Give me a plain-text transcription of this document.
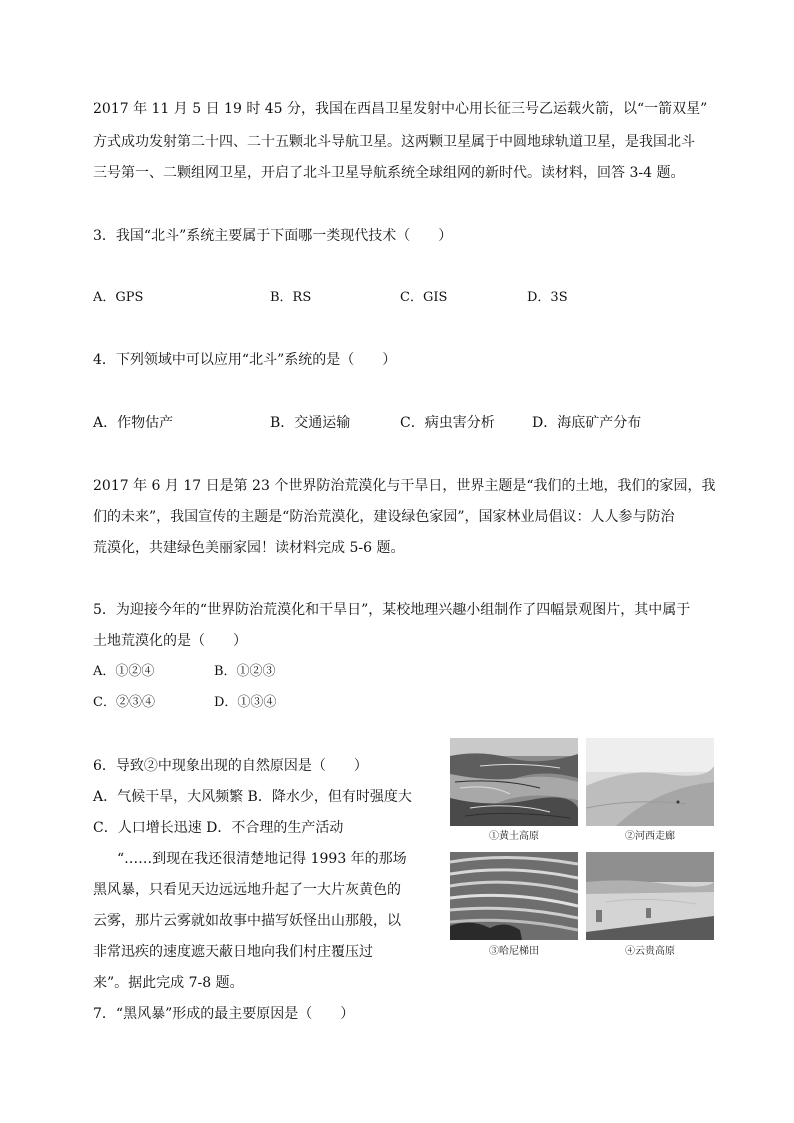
2017 年 11 月 5 日 19 时 45 分，我国在西昌卫星发射中心用长征三号乙运载火箭，以“一箭双星”
方式成功发射第二十四、二十五颗北斗导航卫星。这两颗卫星属于中圆地球轨道卫星，是我国北斗
三号第一、二颗组网卫星，开启了北斗卫星导航系统全球组网的新时代。读材料，回答 3-4 题。
3．我国“北斗”系统主要属于下面哪一类现代技术（　　）
A．GPS	B．RS	C．GIS	D．3S
4．下列领域中可以应用“北斗”系统的是（　　）
A．作物估产	B．交通运输	C．病虫害分析	D．海底矿产分布
2017 年 6 月 17 日是第 23 个世界防治荒漠化与干旱日，世界主题是“我们的土地，我们的家园，我
们的未来”，我国宣传的主题是“防治荒漠化，建设绿色家园”，国家林业局倡议：人人参与防治
荒漠化，共建绿色美丽家园！读材料完成 5-6 题。
5．为迎接今年的“世界防治荒漠化和干旱日”，某校地理兴趣小组制作了四幅景观图片，其中属于
土地荒漠化的是（　　）
A．①②④	B．①②③
C．②③④	D．①③④
6．导致②中现象出现的自然原因是（　　）
A．气候干旱，大风频繁 B．降水少，但有时强度大
C．人口增长迅速 D．不合理的生产活动
“……到现在我还很清楚地记得 1993 年的那场
黑风暴，只看见天边远远地升起了一大片灰黄色的
云雾，那片云雾就如故事中描写妖怪出山那般，以
非常迅疾的速度遮天蔽日地向我们村庄覆压过
来”。据此完成 7-8 题。
7．“黑风暴”形成的最主要原因是（　　）
①黄土高原	②河西走廊
③哈尼梯田	④云贵高原
